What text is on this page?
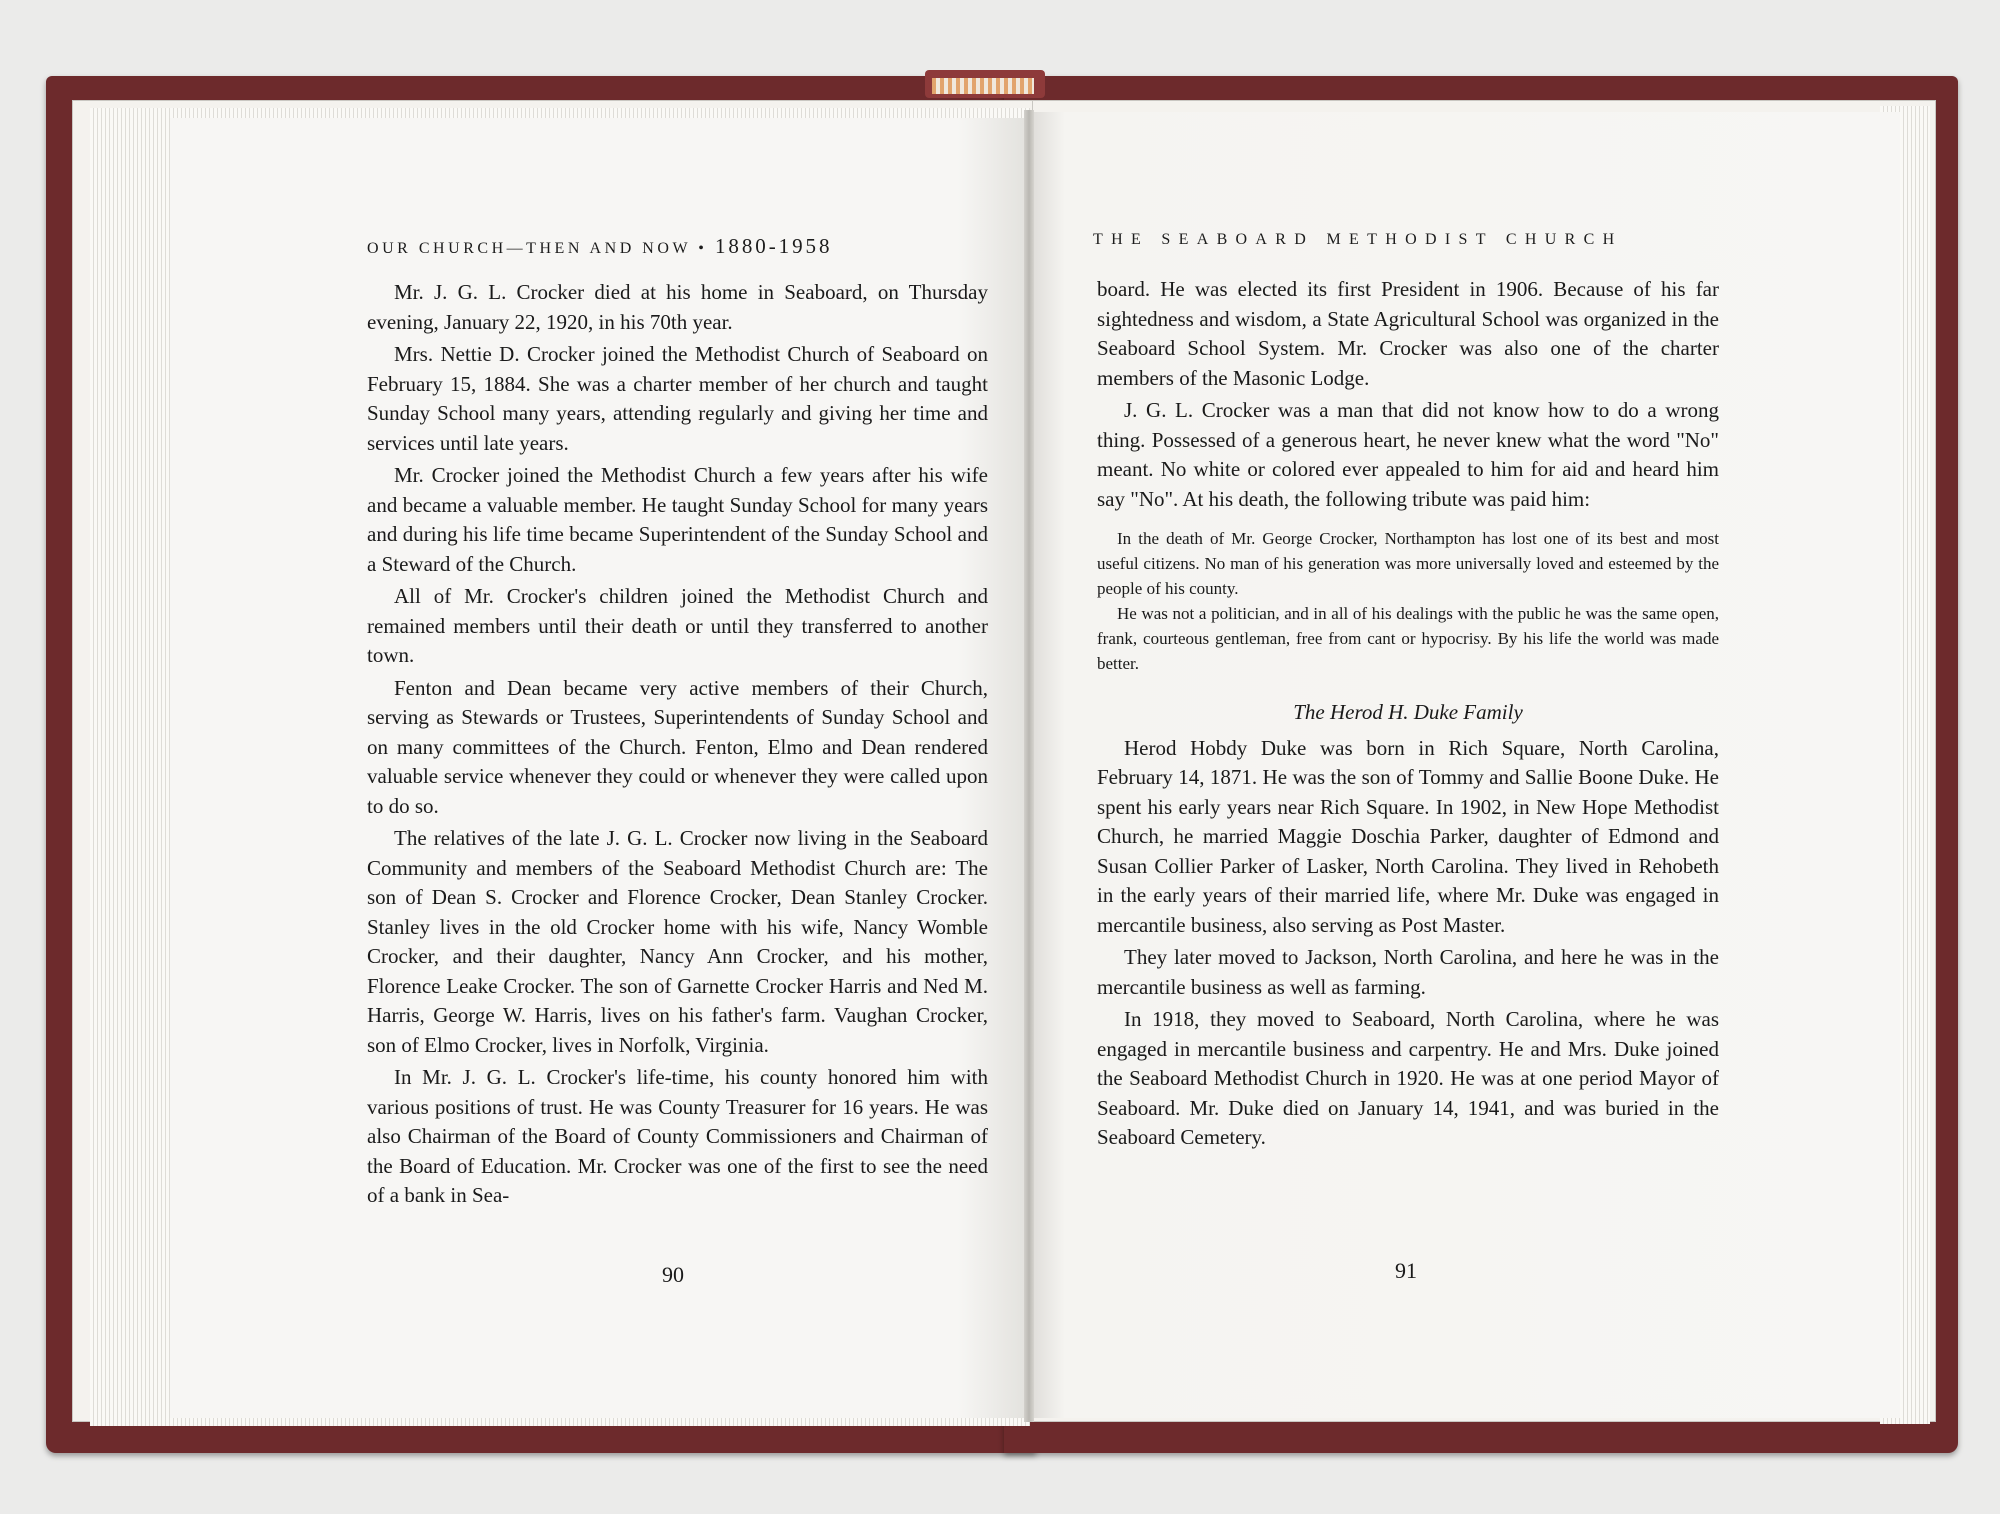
OUR CHURCH—THEN AND NOW • 1880-1958

Mr. J. G. L. Crocker died at his home in Seaboard, on Thursday evening, January 22, 1920, in his 70th year.

Mrs. Nettie D. Crocker joined the Methodist Church of Seaboard on February 15, 1884. She was a charter member of her church and taught Sunday School many years, attending regularly and giving her time and services until late years.

Mr. Crocker joined the Methodist Church a few years after his wife and became a valuable member. He taught Sunday School for many years and during his life time became Superintendent of the Sunday School and a Steward of the Church.

All of Mr. Crocker's children joined the Methodist Church and remained members until their death or until they transferred to another town.

Fenton and Dean became very active members of their Church, serving as Stewards or Trustees, Superintendents of Sunday School and on many committees of the Church. Fenton, Elmo and Dean rendered valuable service whenever they could or whenever they were called upon to do so.

The relatives of the late J. G. L. Crocker now living in the Seaboard Community and members of the Seaboard Methodist Church are: The son of Dean S. Crocker and Florence Crocker, Dean Stanley Crocker. Stanley lives in the old Crocker home with his wife, Nancy Womble Crocker, and their daughter, Nancy Ann Crocker, and his mother, Florence Leake Crocker. The son of Garnette Crocker Harris and Ned M. Harris, George W. Harris, lives on his father's farm. Vaughan Crocker, son of Elmo Crocker, lives in Norfolk, Virginia.

In Mr. J. G. L. Crocker's life-time, his county honored him with various positions of trust. He was County Treasurer for 16 years. He was also Chairman of the Board of County Commissioners and Chairman of the Board of Education. Mr. Crocker was one of the first to see the need of a bank in Sea-

90
THE SEABOARD METHODIST CHURCH

board. He was elected its first President in 1906. Because of his far sightedness and wisdom, a State Agricultural School was organized in the Seaboard School System. Mr. Crocker was also one of the charter members of the Masonic Lodge.

J. G. L. Crocker was a man that did not know how to do a wrong thing. Possessed of a generous heart, he never knew what the word "No" meant. No white or colored ever appealed to him for aid and heard him say "No". At his death, the following tribute was paid him:

In the death of Mr. George Crocker, Northampton has lost one of its best and most useful citizens. No man of his generation was more universally loved and esteemed by the people of his county.

He was not a politician, and in all of his dealings with the public he was the same open, frank, courteous gentleman, free from cant or hypocrisy. By his life the world was made better.

The Herod H. Duke Family

Herod Hobdy Duke was born in Rich Square, North Carolina, February 14, 1871. He was the son of Tommy and Sallie Boone Duke. He spent his early years near Rich Square. In 1902, in New Hope Methodist Church, he married Maggie Doschia Parker, daughter of Edmond and Susan Collier Parker of Lasker, North Carolina. They lived in Rehobeth in the early years of their married life, where Mr. Duke was engaged in mercantile business, also serving as Post Master.

They later moved to Jackson, North Carolina, and here he was in the mercantile business as well as farming.

In 1918, they moved to Seaboard, North Carolina, where he was engaged in mercantile business and carpentry. He and Mrs. Duke joined the Seaboard Methodist Church in 1920. He was at one period Mayor of Seaboard. Mr. Duke died on January 14, 1941, and was buried in the Seaboard Cemetery.

91
